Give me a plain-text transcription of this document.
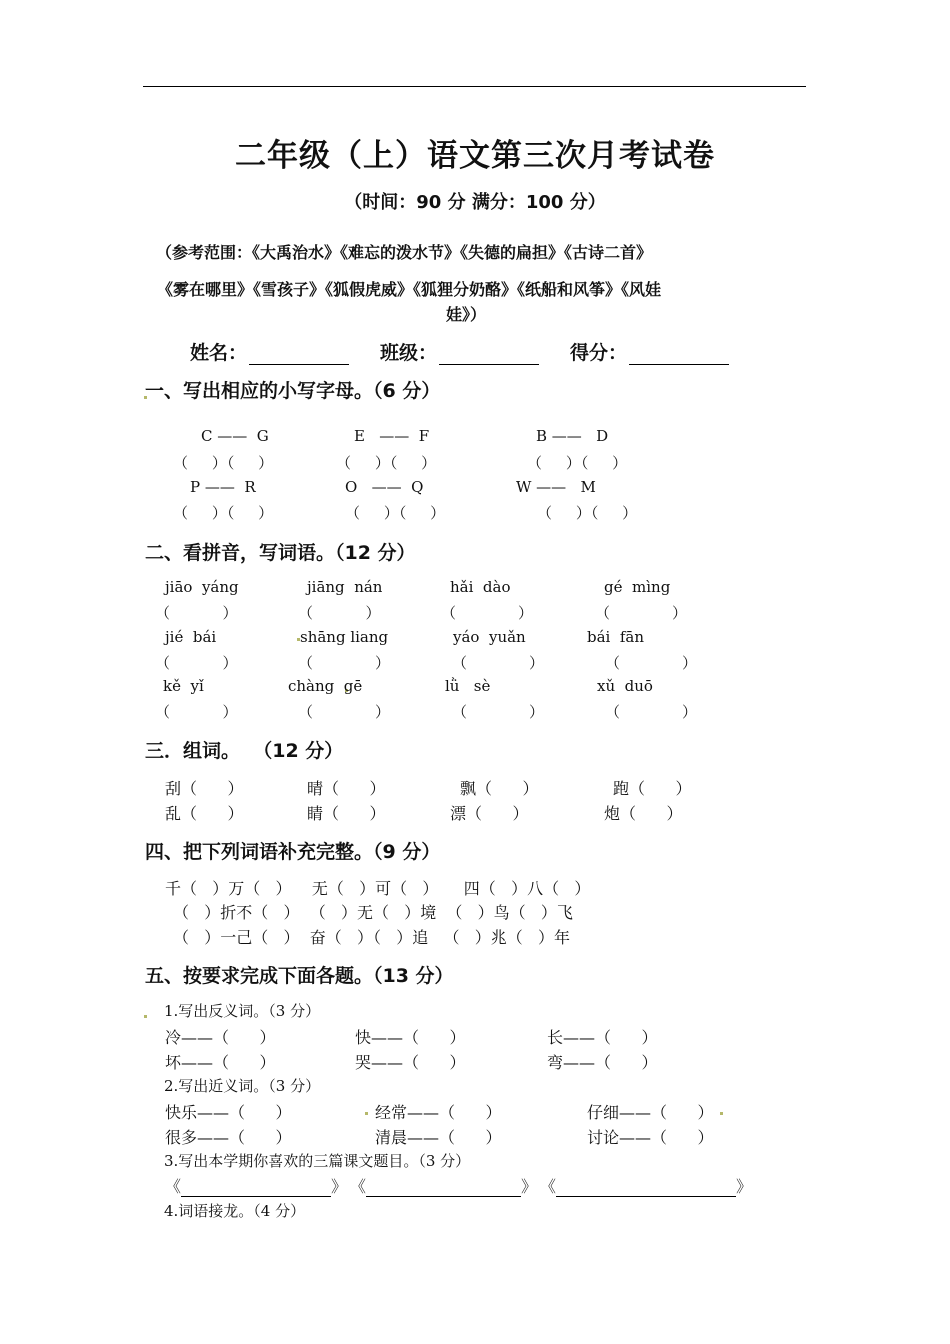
二年级（上）语文第三次月考试卷
（时间：90 分 满分：100 分）
（参考范围：《大禹治水》《难忘的泼水节》《失德的扁担》《古诗二首》
《雾在哪里》《雪孩子》《狐假虎威》《狐狸分奶酪》《纸船和风筝》《风娃
娃》）
姓名：	班级：	得分：
一、写出相应的小写字母。（6 分）
C ——  G	E   ——  F	B ——   D
（     ）（     ）	（     ）（     ）	（     ）（     ）
P ——  R	O   ——  Q	W ——   M
（     ）（     ）	（     ）（     ）	（     ）（     ）
二、看拼音，写词语。（12 分）
jiāo  yáng	jiāng  nán	hǎi  dào	gé  mìng
（           ）	（           ）	（             ）	（             ）
jié  bái	shāng liang	yáo  yuǎn	bái  fān
（           ）	（             ）	（             ）	（             ）
kě  yǐ	chàng  gē	lǜ   sè	xǔ  duō
（           ）	（             ）	（             ）	（             ）
三．组词。  （12 分）
刮（      ）	晴（      ）	飘（      ）	跑（      ）
乱（      ）	睛（      ）	漂（      ）	炮（      ）
四、把下列词语补充完整。（9 分）
千（   ）万（   ）    无（   ）可（   ）     四（   ）八（   ）
（   ）折不（   ）  （   ）无（   ）境  （   ）鸟（   ）飞
（   ）一己（   ）  奋（   ）（   ）追   （   ）兆（   ）年
五、按要求完成下面各题。（13 分）
1.写出反义词。（3 分）
冷——（      ）	快——（      ）	长——（      ）
坏——（      ）	哭——（      ）	弯——（      ）
2.写出近义词。（3 分）
快乐——（      ）	经常——（      ）	仔细——（      ）
很多——（      ）	清晨——（      ）	讨论——（      ）
3.写出本学期你喜欢的三篇课文题目。（3 分）
《	》 《	》 《	》
4.词语接龙。（4 分）
